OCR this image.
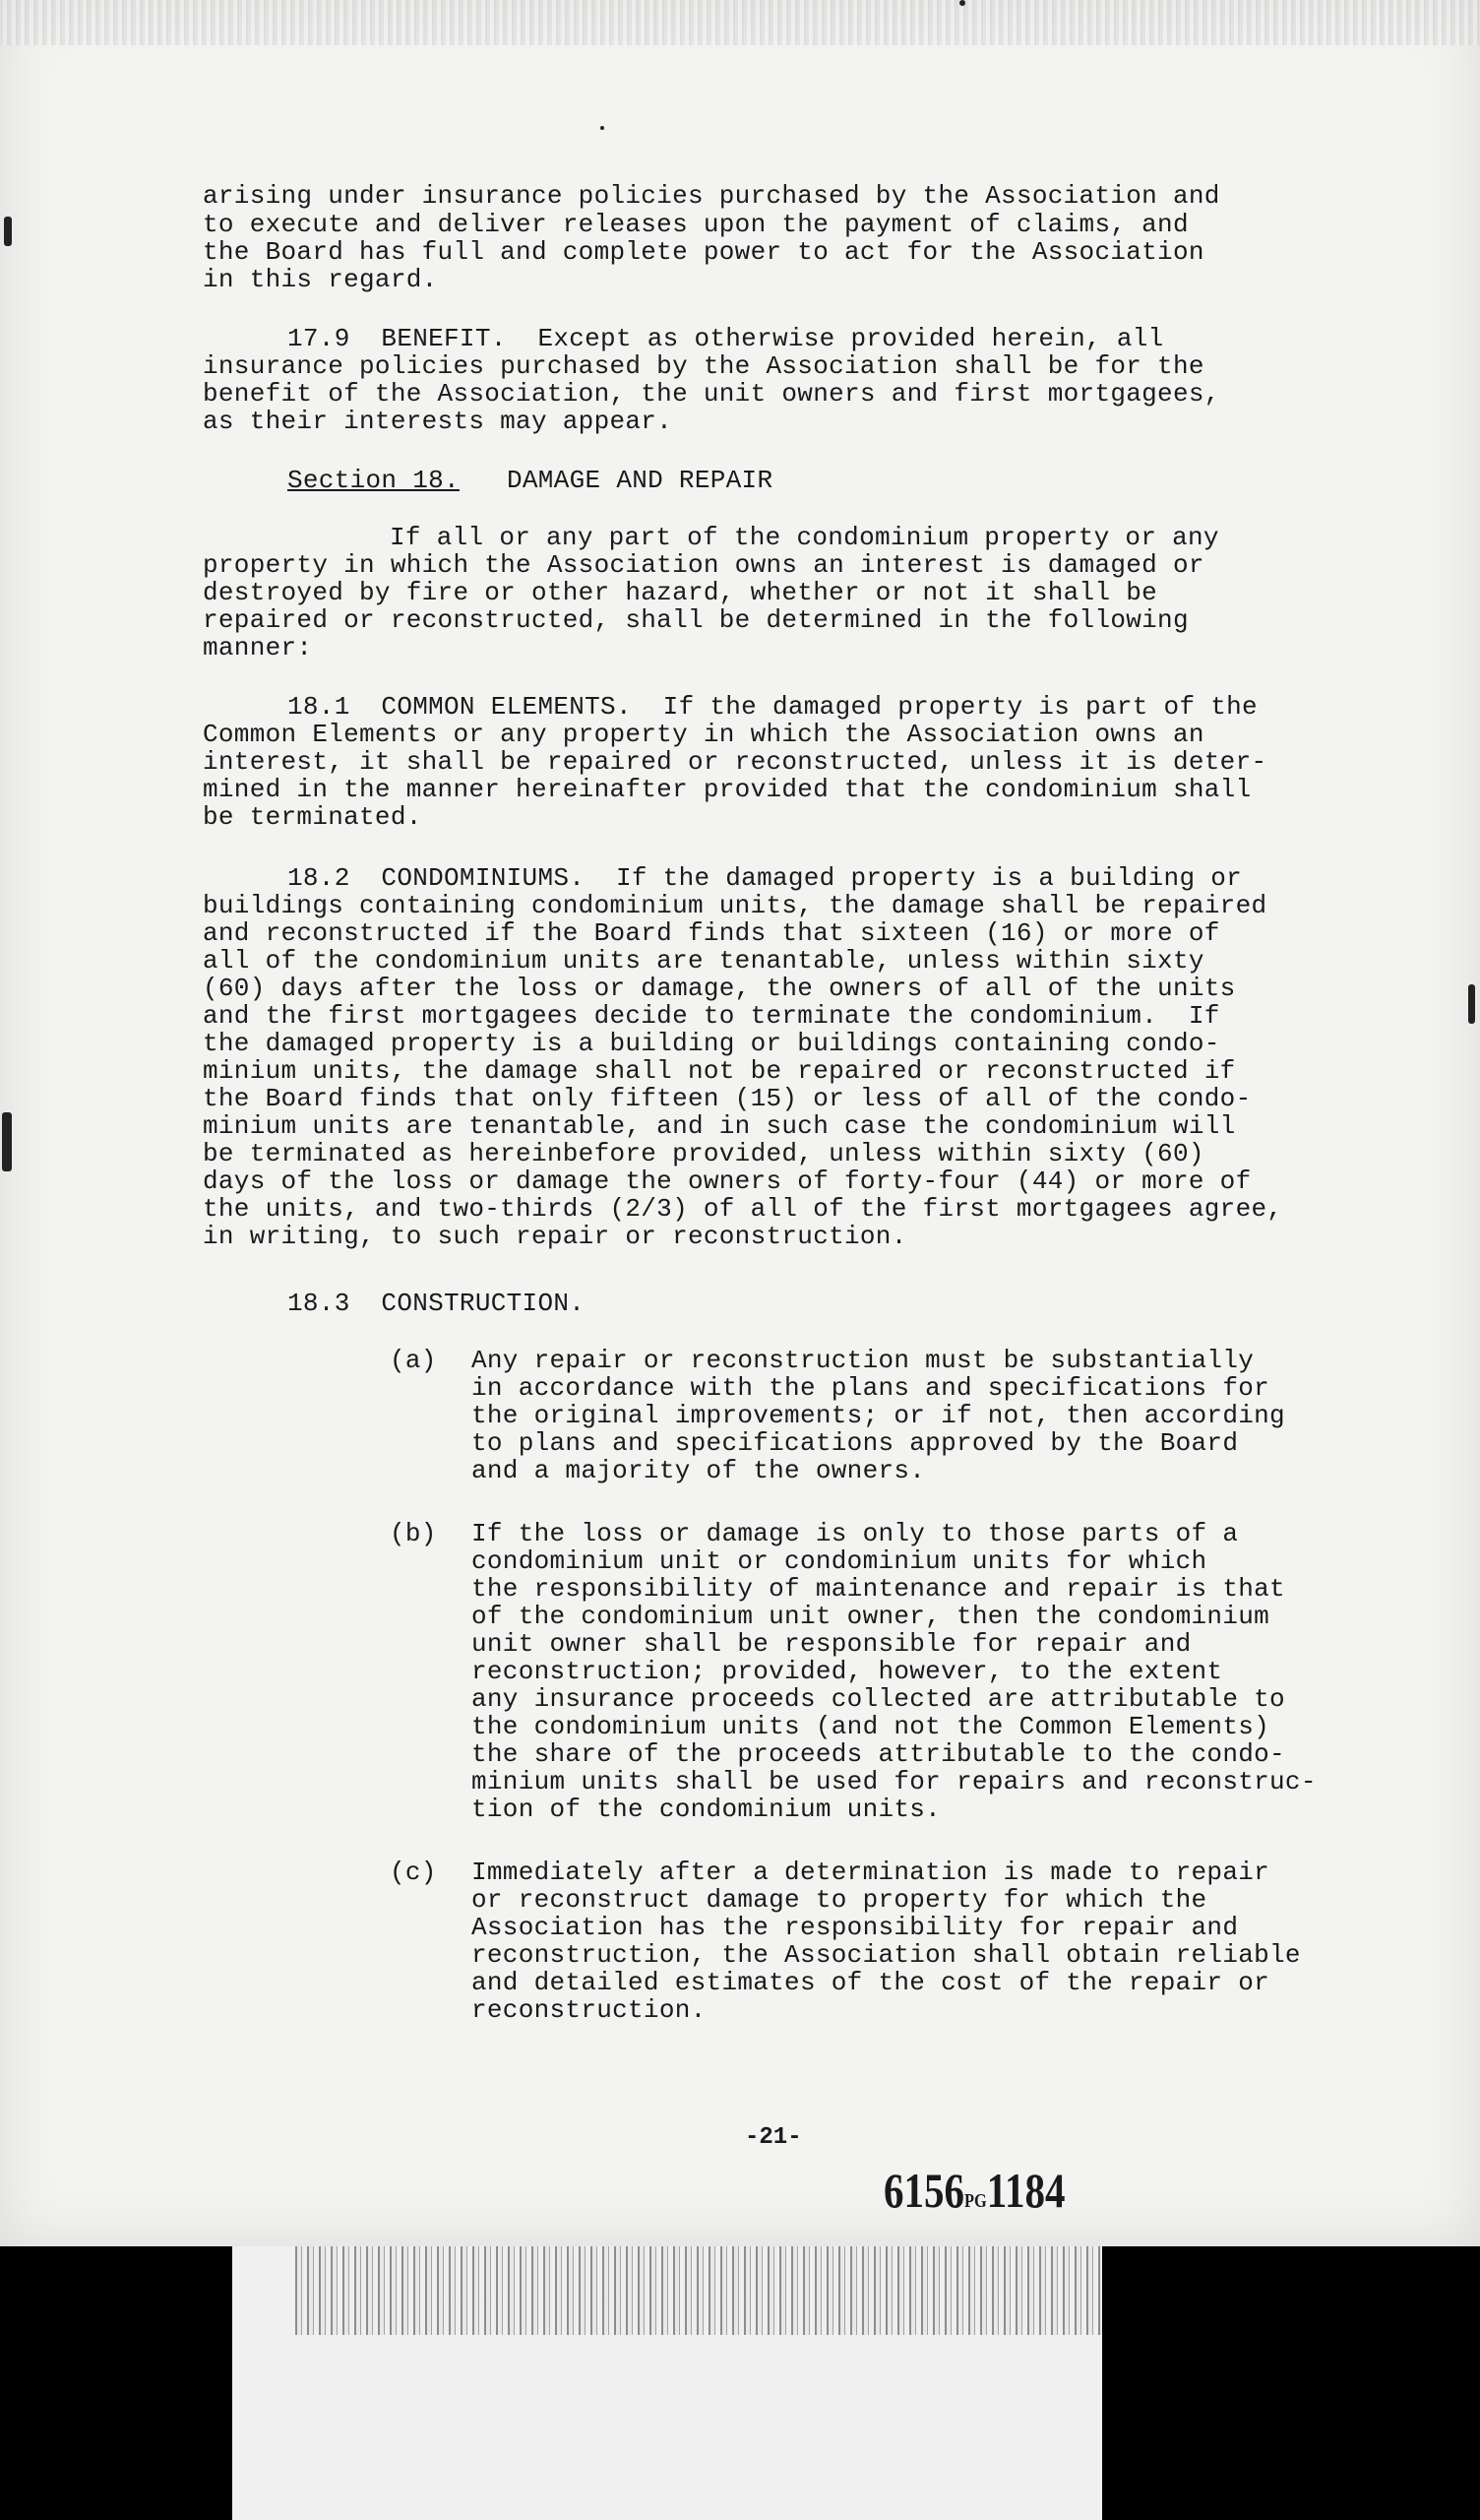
-21-

6156PG1184

arising under insurance policies purchased by the Association and
to execute and deliver releases upon the payment of claims, and
the Board has full and complete power to act for the Association
in this regard.
17.9  BENEFIT.  Except as otherwise provided herein, all
insurance policies purchased by the Association shall be for the
benefit of the Association, the unit owners and first mortgagees,
as their interests may appear.
Section 18. DAMAGE AND REPAIR
If all or any part of the condominium property or any
property in which the Association owns an interest is damaged or
destroyed by fire or other hazard, whether or not it shall be
repaired or reconstructed, shall be determined in the following
manner:
18.1  COMMON ELEMENTS.  If the damaged property is part of the
Common Elements or any property in which the Association owns an
interest, it shall be repaired or reconstructed, unless it is deter-
mined in the manner hereinafter provided that the condominium shall
be terminated.
18.2  CONDOMINIUMS.  If the damaged property is a building or
buildings containing condominium units, the damage shall be repaired
and reconstructed if the Board finds that sixteen (16) or more of
all of the condominium units are tenantable, unless within sixty
(60) days after the loss or damage, the owners of all of the units
and the first mortgagees decide to terminate the condominium.  If
the damaged property is a building or buildings containing condo-
minium units, the damage shall not be repaired or reconstructed if
the Board finds that only fifteen (15) or less of all of the condo-
minium units are tenantable, and in such case the condominium will
be terminated as hereinbefore provided, unless within sixty (60)
days of the loss or damage the owners of forty-four (44) or more of
the units, and two-thirds (2/3) of all of the first mortgagees agree,
in writing, to such repair or reconstruction.
18.3  CONSTRUCTION.
(a) Any repair or reconstruction must be substantially
in accordance with the plans and specifications for
the original improvements; or if not, then according
to plans and specifications approved by the Board
and a majority of the owners.
(b) If the loss or damage is only to those parts of a
condominium unit or condominium units for which
the responsibility of maintenance and repair is that
of the condominium unit owner, then the condominium
unit owner shall be responsible for repair and
reconstruction; provided, however, to the extent
any insurance proceeds collected are attributable to
the condominium units (and not the Common Elements)
the share of the proceeds attributable to the condo-
minium units shall be used for repairs and reconstruc-
tion of the condominium units.
(c) Immediately after a determination is made to repair
or reconstruct damage to property for which the
Association has the responsibility for repair and
reconstruction, the Association shall obtain reliable
and detailed estimates of the cost of the repair or
reconstruction.
